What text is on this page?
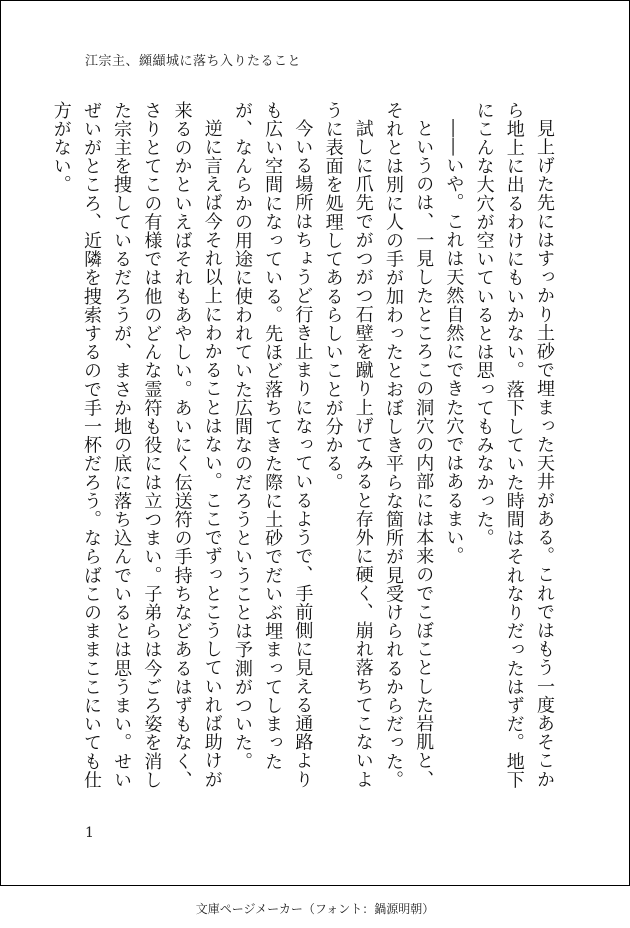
江宗主、纐纈城に落ち入りたること

見上げた先にはすっかり土砂で埋まった天井がある。これではもう一度あそこから地上に出るわけにもいかない。落下していた時間はそれなりだったはずだ。地下にこんな大穴が空いているとは思ってもみなかった。

――いや。これは天然自然にできた穴ではあるまい。

というのは、一見したところこの洞穴の内部には本来のでこぼことした岩肌と、それとは別に人の手が加わったとおぼしき平らな箇所が見受けられるからだった。

試しに爪先でがつがつ石壁を蹴り上げてみると存外に硬く、崩れ落ちてこないように表面を処理してあるらしいことが分かる。

今いる場所はちょうど行き止まりになっているようで、手前側に見える通路よりも広い空間になっている。先ほど落ちてきた際に土砂でだいぶ埋まってしまったが、なんらかの用途に使われていた広間なのだろうということは予測がついた。

逆に言えば今それ以上にわかることはない。ここでずっとこうしていれば助けが来るのかといえばそれもあやしい。あいにく伝送符の手持ちなどあるはずもなく、さりとてこの有様では他のどんな霊符も役には立つまい。子弟らは今ごろ姿を消した宗主を捜しているだろうが、まさか地の底に落ち込んでいるとは思うまい。せいぜいがところ、近隣を捜索するので手一杯だろう。ならばこのままここにいても仕方がない。

1
文庫ページメーカー（フォント：鍋源明朝）
